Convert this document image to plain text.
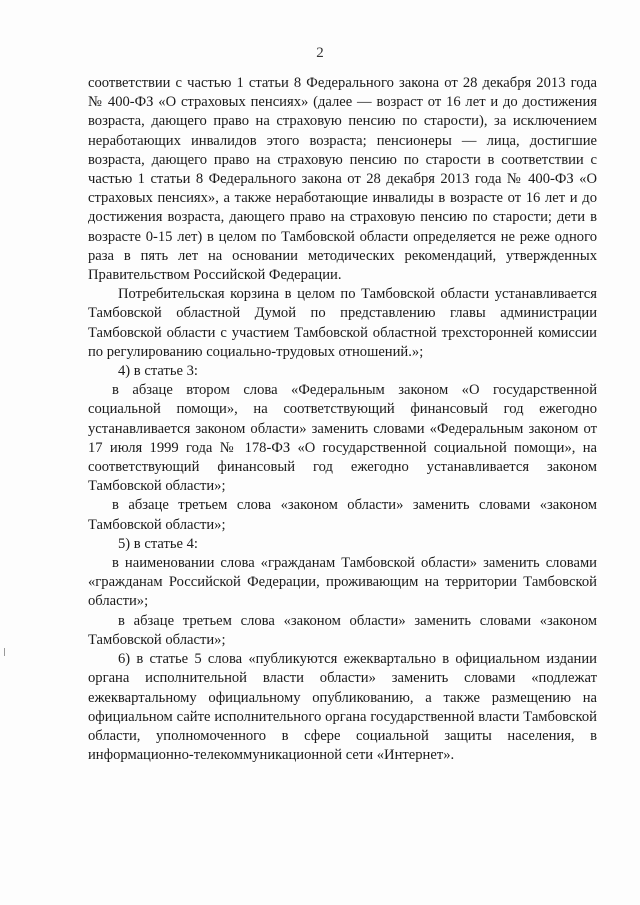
2

соответствии с частью 1 статьи 8 Федерального закона от 28 декабря 2013 года № 400-ФЗ «О страховых пенсиях» (далее — возраст от 16 лет и до достижения возраста, дающего право на страховую пенсию по старости), за исключением неработающих инвалидов этого возраста; пенсионеры — лица, достигшие возраста, дающего право на страховую пенсию по старости в соответствии с частью 1 статьи 8 Федерального закона от 28 декабря 2013 года № 400-ФЗ «О страховых пенсиях», а также неработающие инвалиды в возрасте от 16 лет и до достижения возраста, дающего право на страховую пенсию по старости; дети в возрасте 0-15 лет) в целом по Тамбовской области определяется не реже одного раза в пять лет на основании методических рекомендаций, утвержденных Правительством Российской Федерации.

Потребительская корзина в целом по Тамбовской области устанавливается Тамбовской областной Думой по представлению главы администрации Тамбовской области с участием Тамбовской областной трехсторонней комиссии по регулированию социально-трудовых отношений.»;

4) в статье 3:

в абзаце втором слова «Федеральным законом «О государственной социальной помощи», на соответствующий финансовый год ежегодно устанавливается законом области» заменить словами «Федеральным законом от 17 июля 1999 года № 178-ФЗ «О государственной социальной помощи», на соответствующий финансовый год ежегодно устанавливается законом Тамбовской области»;

в абзаце третьем слова «законом области» заменить словами «законом Тамбовской области»;

5) в статье 4:

в наименовании слова «гражданам Тамбовской области» заменить словами «гражданам Российской Федерации, проживающим на территории Тамбовской области»;

в абзаце третьем слова «законом области» заменить словами «законом Тамбовской области»;

6) в статье 5 слова «публикуются ежеквартально в официальном издании органа исполнительной власти области» заменить словами «подлежат ежеквартальному официальному опубликованию, а также размещению на официальном сайте исполнительного органа государственной власти Тамбовской области, уполномоченного в сфере социальной защиты населения, в информационно-телекоммуникационной сети «Интернет».
